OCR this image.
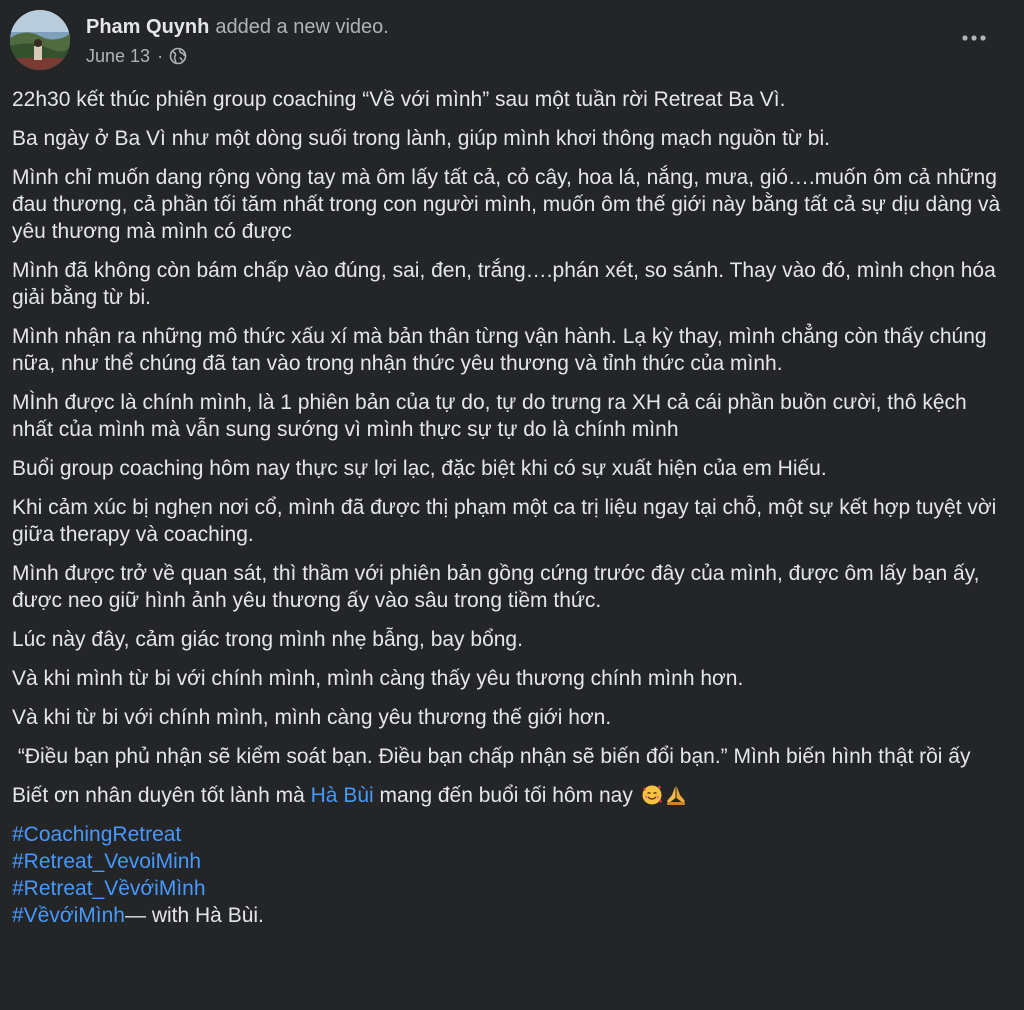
Pham Quynh added a new video.
June 13 ·

22h30 kết thúc phiên group coaching “Về với mình” sau một tuần rời Retreat Ba Vì.

Ba ngày ở Ba Vì như một dòng suối trong lành, giúp mình khơi thông mạch nguồn từ bi.

Mình chỉ muốn dang rộng vòng tay mà ôm lấy tất cả, cỏ cây, hoa lá, nắng, mưa, gió….muốn ôm cả những đau thương, cả phần tối tăm nhất trong con người mình, muốn ôm thế giới này bằng tất cả sự dịu dàng và yêu thương mà mình có được

Mình đã không còn bám chấp vào đúng, sai, đen, trắng….phán xét, so sánh. Thay vào đó, mình chọn hóa giải bằng từ bi.

Mình nhận ra những mô thức xấu xí mà bản thân từng vận hành. Lạ kỳ thay, mình chẳng còn thấy chúng nữa, như thể chúng đã tan vào trong nhận thức yêu thương và tỉnh thức của mình.

MÌnh được là chính mình, là 1 phiên bản của tự do, tự do trưng ra XH cả cái phần buồn cười, thô kệch nhất của mình mà vẫn sung sướng vì mình thực sự tự do là chính mình

Buổi group coaching hôm nay thực sự lợi lạc, đặc biệt khi có sự xuất hiện của em Hiếu.

Khi cảm xúc bị nghẹn nơi cổ, mình đã được thị phạm một ca trị liệu ngay tại chỗ, một sự kết hợp tuyệt vời giữa therapy và coaching.

Mình được trở về quan sát, thì thầm với phiên bản gồng cứng trước đây của mình, được ôm lấy bạn ấy, được neo giữ hình ảnh yêu thương ấy vào sâu trong tiềm thức.

Lúc này đây, cảm giác trong mình nhẹ bẫng, bay bổng.

Và khi mình từ bi với chính mình, mình càng thấy yêu thương chính mình hơn.

Và khi từ bi với chính mình, mình càng yêu thương thế giới hơn.

“Điều bạn phủ nhận sẽ kiểm soát bạn. Điều bạn chấp nhận sẽ biến đổi bạn.” Mình biến hình thật rồi ấy

Biết ơn nhân duyên tốt lành mà Hà Bùi mang đến buổi tối hôm nay

#CoachingRetreat
#Retreat_VevoiMinh
#Retreat_VềvớiMình
#VềvớiMình— with Hà Bùi.
